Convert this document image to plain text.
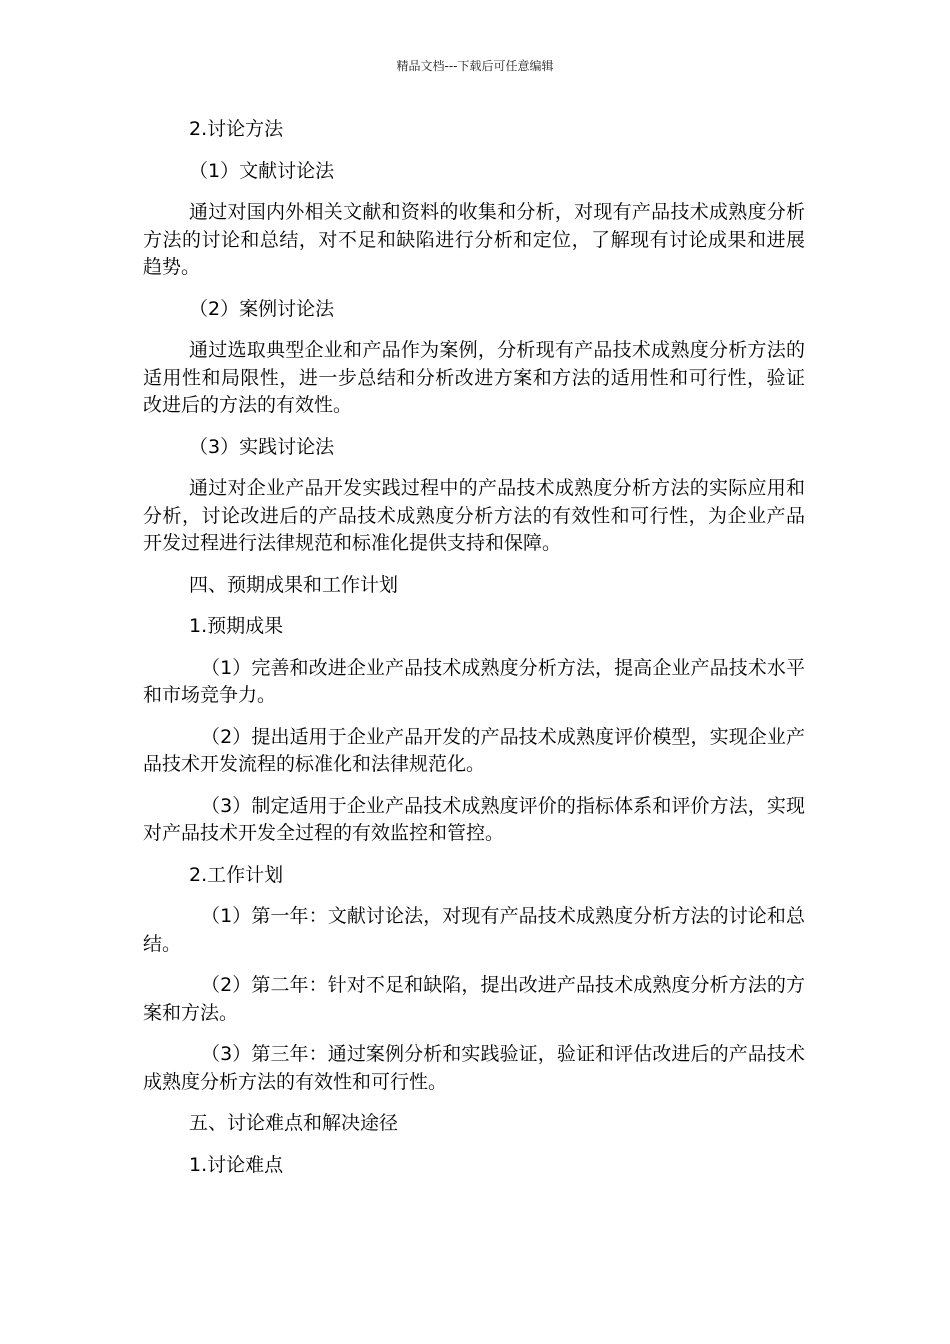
精品文档---下载后可任意编辑

2.讨论方法

（1）文献讨论法

通过对国内外相关文献和资料的收集和分析，对现有产品技术成熟度分析方法的讨论和总结，对不足和缺陷进行分析和定位，了解现有讨论成果和进展趋势。

（2）案例讨论法

通过选取典型企业和产品作为案例，分析现有产品技术成熟度分析方法的适用性和局限性，进一步总结和分析改进方案和方法的适用性和可行性，验证改进后的方法的有效性。

（3）实践讨论法

通过对企业产品开发实践过程中的产品技术成熟度分析方法的实际应用和分析，讨论改进后的产品技术成熟度分析方法的有效性和可行性，为企业产品开发过程进行法律规范和标准化提供支持和保障。

四、预期成果和工作计划

1.预期成果

（1）完善和改进企业产品技术成熟度分析方法，提高企业产品技术水平和市场竞争力。

（2）提出适用于企业产品开发的产品技术成熟度评价模型，实现企业产品技术开发流程的标准化和法律规范化。

（3）制定适用于企业产品技术成熟度评价的指标体系和评价方法，实现对产品技术开发全过程的有效监控和管控。

2.工作计划

（1）第一年：文献讨论法，对现有产品技术成熟度分析方法的讨论和总结。

（2）第二年：针对不足和缺陷，提出改进产品技术成熟度分析方法的方案和方法。

（3）第三年：通过案例分析和实践验证，验证和评估改进后的产品技术成熟度分析方法的有效性和可行性。

五、讨论难点和解决途径

1.讨论难点
